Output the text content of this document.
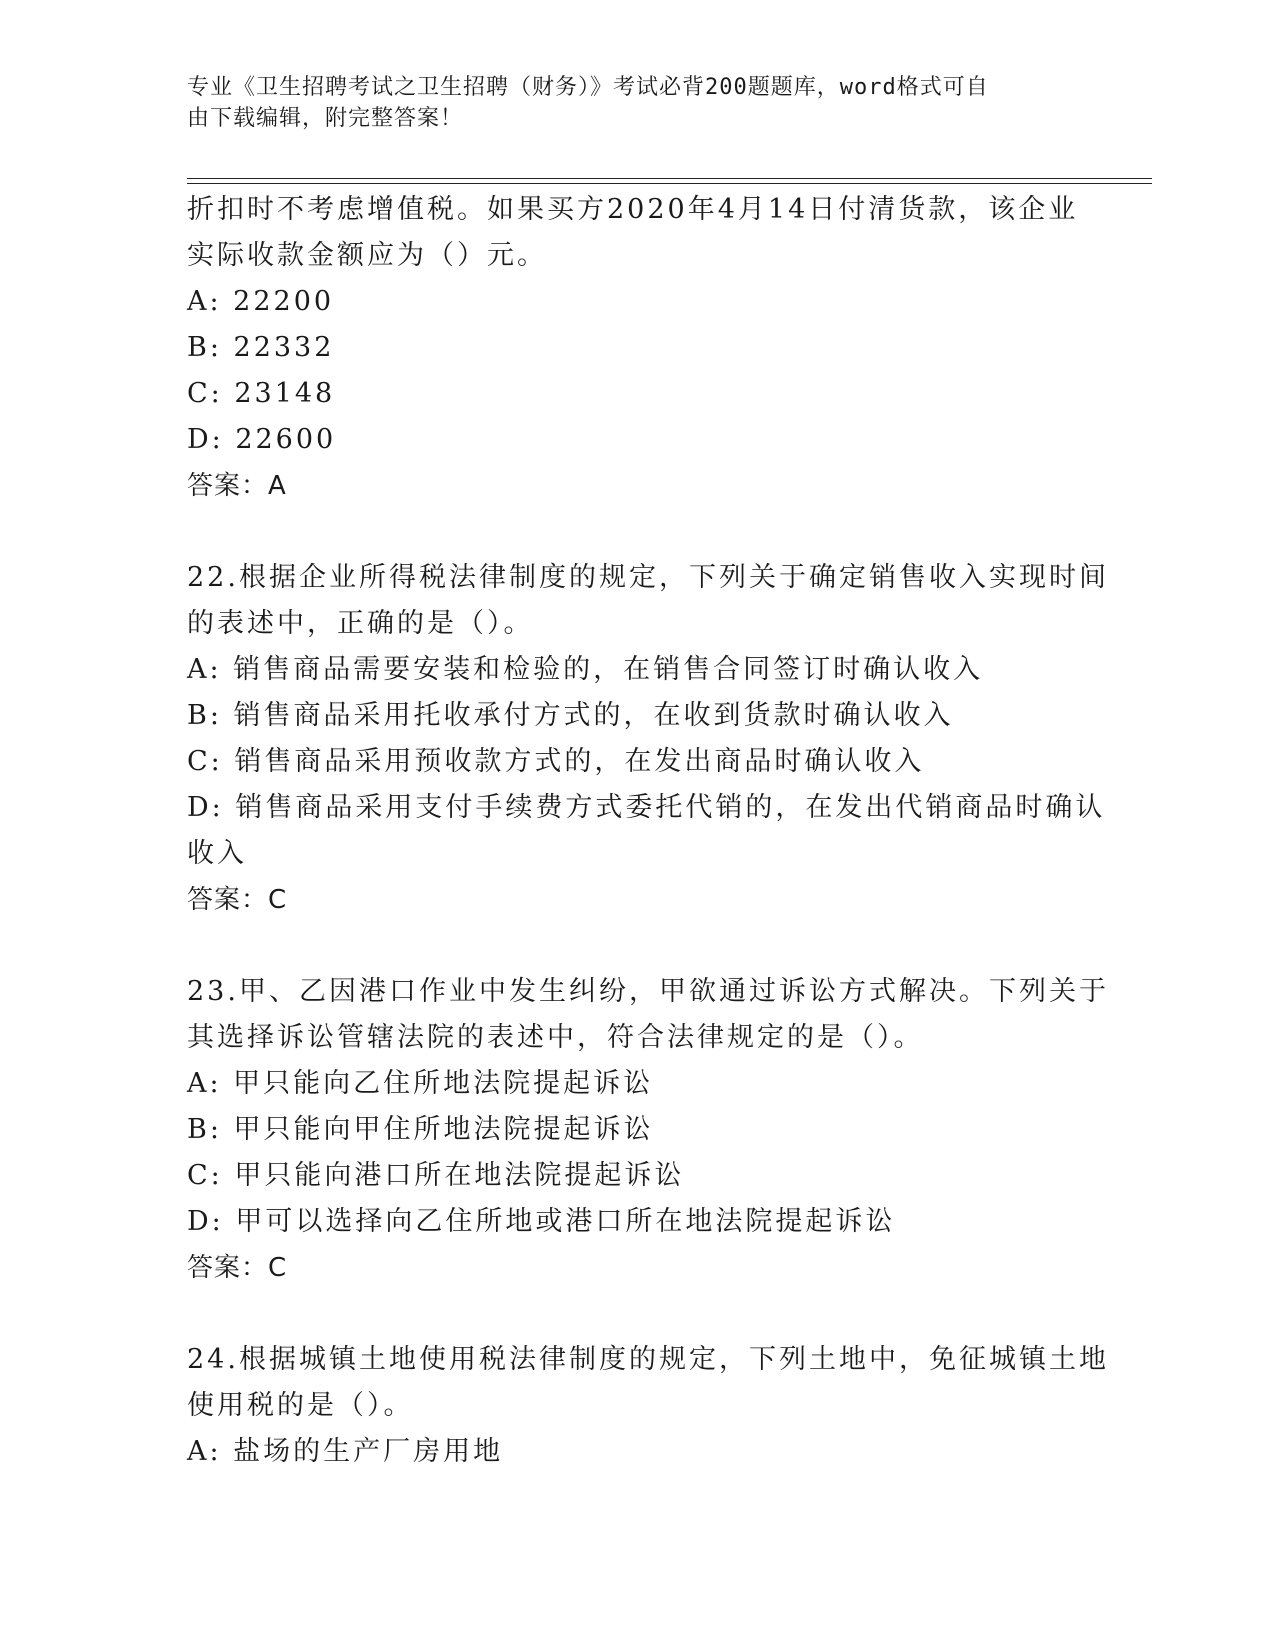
专业《卫生招聘考试之卫生招聘（财务）》考试必背200题题库，word格式可自
由下载编辑，附完整答案！
折扣时不考虑增值税。如果买方2020年4月14日付清货款，该企业
实际收款金额应为（）元。
A: 22200
B: 22332
C: 23148
D: 22600
答案：A
22.根据企业所得税法律制度的规定，下列关于确定销售收入实现时间
的表述中，正确的是（）。
A: 销售商品需要安装和检验的，在销售合同签订时确认收入
B: 销售商品采用托收承付方式的，在收到货款时确认收入
C: 销售商品采用预收款方式的，在发出商品时确认收入
D: 销售商品采用支付手续费方式委托代销的，在发出代销商品时确认
收入
答案：C
23.甲、乙因港口作业中发生纠纷，甲欲通过诉讼方式解决。下列关于
其选择诉讼管辖法院的表述中，符合法律规定的是（）。
A: 甲只能向乙住所地法院提起诉讼
B: 甲只能向甲住所地法院提起诉讼
C: 甲只能向港口所在地法院提起诉讼
D: 甲可以选择向乙住所地或港口所在地法院提起诉讼
答案：C
24.根据城镇土地使用税法律制度的规定，下列土地中，免征城镇土地
使用税的是（）。
A: 盐场的生产厂房用地
